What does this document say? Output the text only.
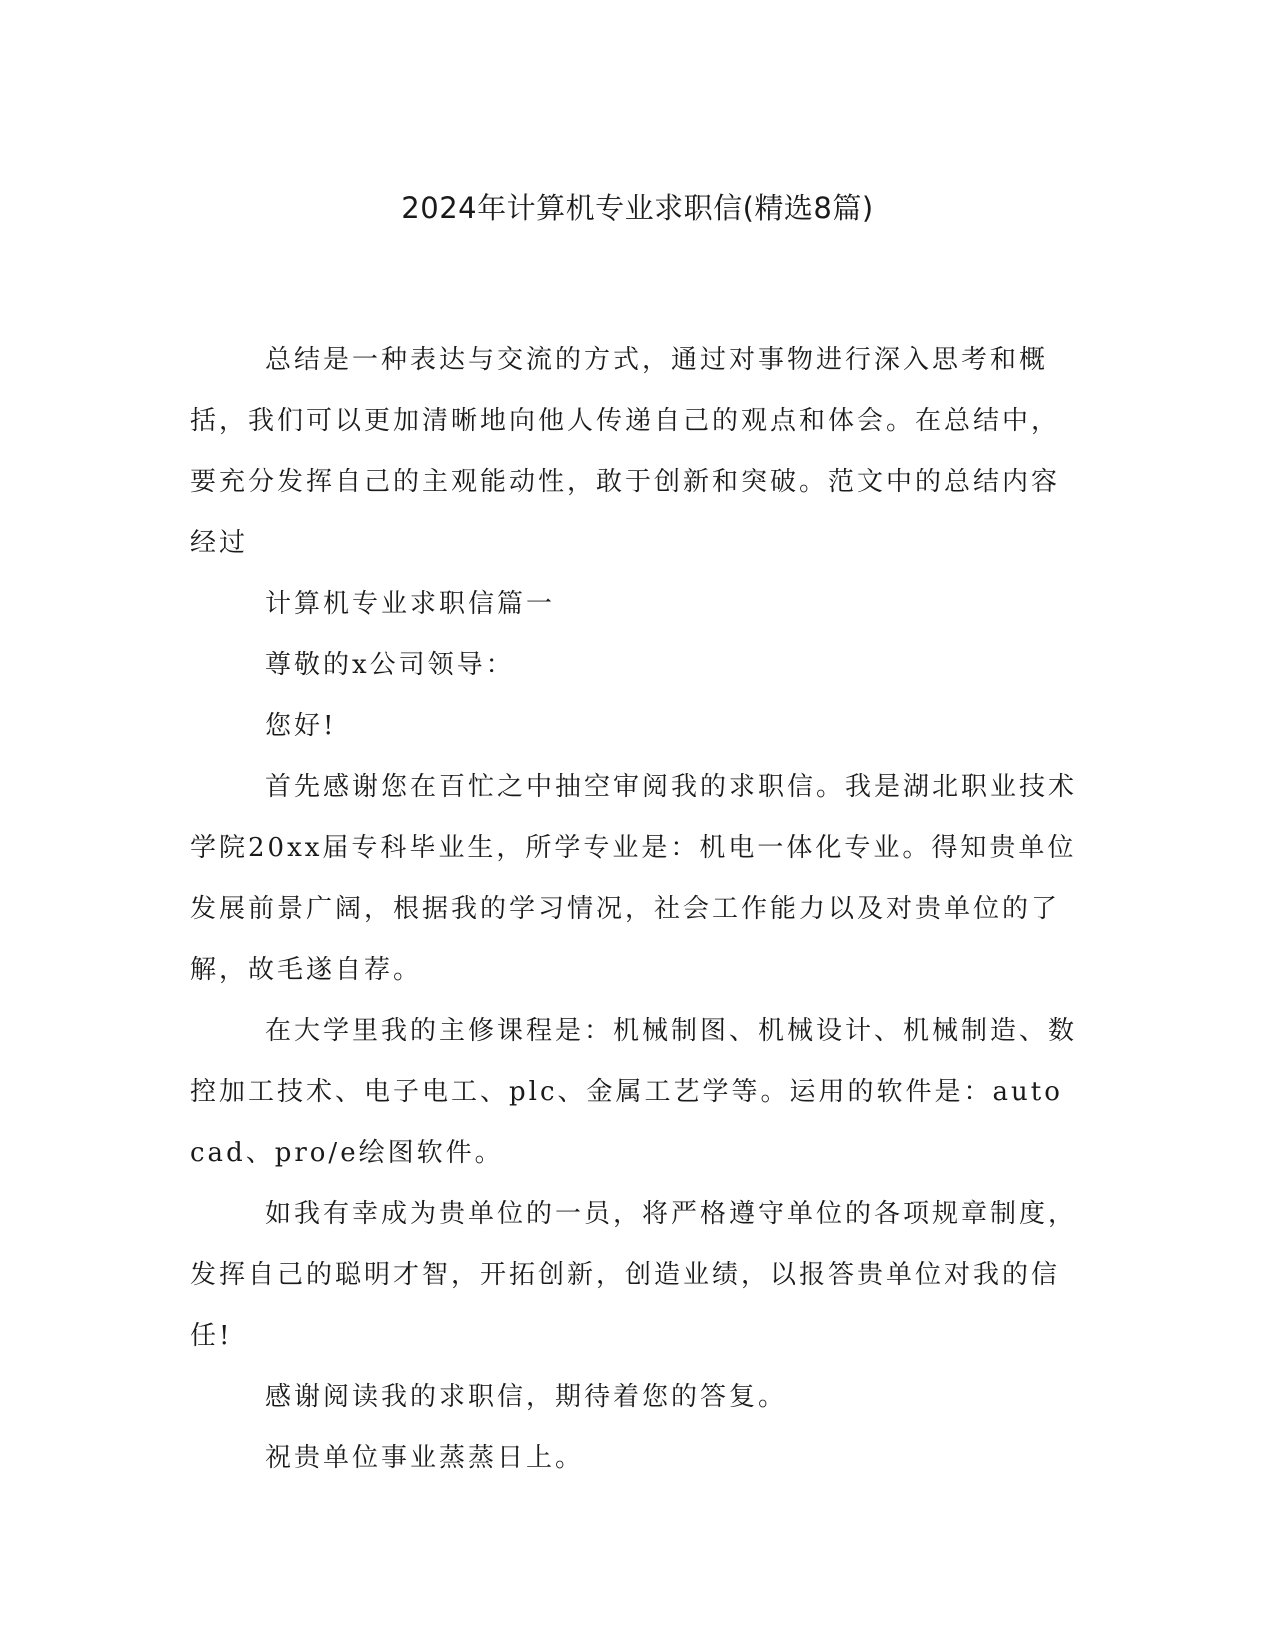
2024年计算机专业求职信(精选8篇)

总结是一种表达与交流的方式，通过对事物进行深入思考和概括，我们可以更加清晰地向他人传递自己的观点和体会。在总结中，要充分发挥自己的主观能动性，敢于创新和突破。范文中的总结内容经过

计算机专业求职信篇一

尊敬的x公司领导：

您好!

首先感谢您在百忙之中抽空审阅我的求职信。我是湖北职业技术学院20xx届专科毕业生，所学专业是：机电一体化专业。得知贵单位发展前景广阔，根据我的学习情况，社会工作能力以及对贵单位的了解，故毛遂自荐。

在大学里我的主修课程是：机械制图、机械设计、机械制造、数控加工技术、电子电工、plc、金属工艺学等。运用的软件是：autocad、pro/e绘图软件。

如我有幸成为贵单位的一员，将严格遵守单位的各项规章制度，发挥自己的聪明才智，开拓创新，创造业绩，以报答贵单位对我的信任!

感谢阅读我的求职信，期待着您的答复。

祝贵单位事业蒸蒸日上。
